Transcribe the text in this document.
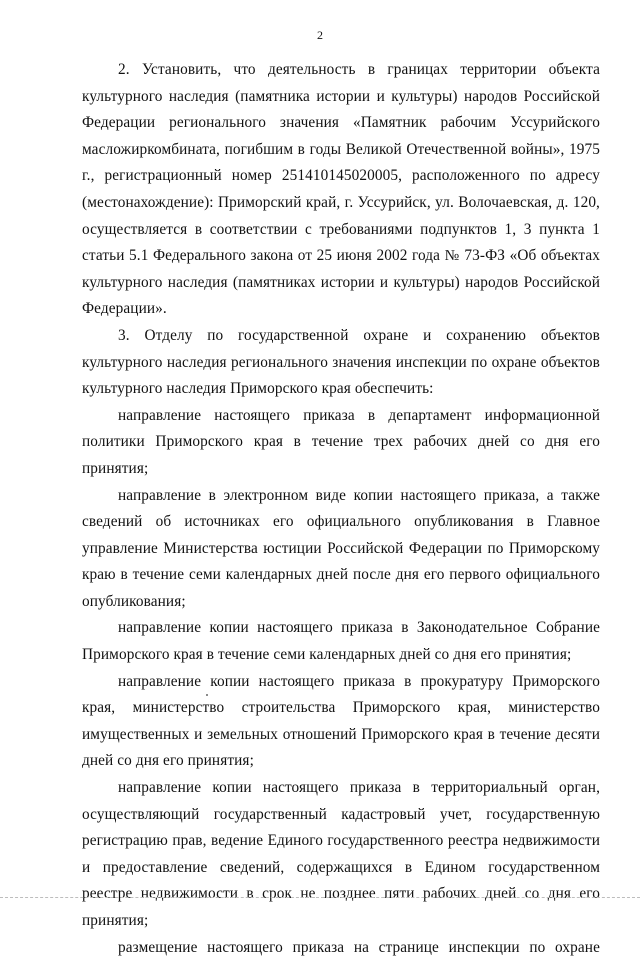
2

2. Установить, что деятельность в границах территории объекта культурного наследия (памятника истории и культуры) народов Российской Федерации регионального значения «Памятник рабочим Уссурийского масложиркомбината, погибшим в годы Великой Отечественной войны», 1975 г., регистрационный номер 251410145020005, расположенного по адресу (местонахождение): Приморский край, г. Уссурийск, ул. Волочаевская, д. 120, осуществляется в соответствии с требованиями подпунктов 1, 3 пункта 1 статьи 5.1 Федерального закона от 25 июня 2002 года № 73-ФЗ «Об объектах культурного наследия (памятниках истории и культуры) народов Российской Федерации».

3. Отделу по государственной охране и сохранению объектов культурного наследия регионального значения инспекции по охране объектов культурного наследия Приморского края обеспечить:

направление настоящего приказа в департамент информационной политики Приморского края в течение трех рабочих дней со дня его принятия;

направление в электронном виде копии настоящего приказа, а также сведений об источниках его официального опубликования в Главное управление Министерства юстиции Российской Федерации по Приморскому краю в течение семи календарных дней после дня его первого официального опубликования;

направление копии настоящего приказа в Законодательное Собрание Приморского края в течение семи календарных дней со дня его принятия;

направление копии настоящего приказа в прокуратуру Приморского края, министерство строительства Приморского края, министерство имущественных и земельных отношений Приморского края в течение десяти дней со дня его принятия;

направление копии настоящего приказа в территориальный орган, осуществляющий государственный кадастровый учет, государственную регистрацию прав, ведение Единого государственного реестра недвижимости и предоставление сведений, содержащихся в Едином государственном реестре недвижимости в срок не позднее пяти рабочих дней со дня его принятия;

размещение настоящего приказа на странице инспекции по охране
